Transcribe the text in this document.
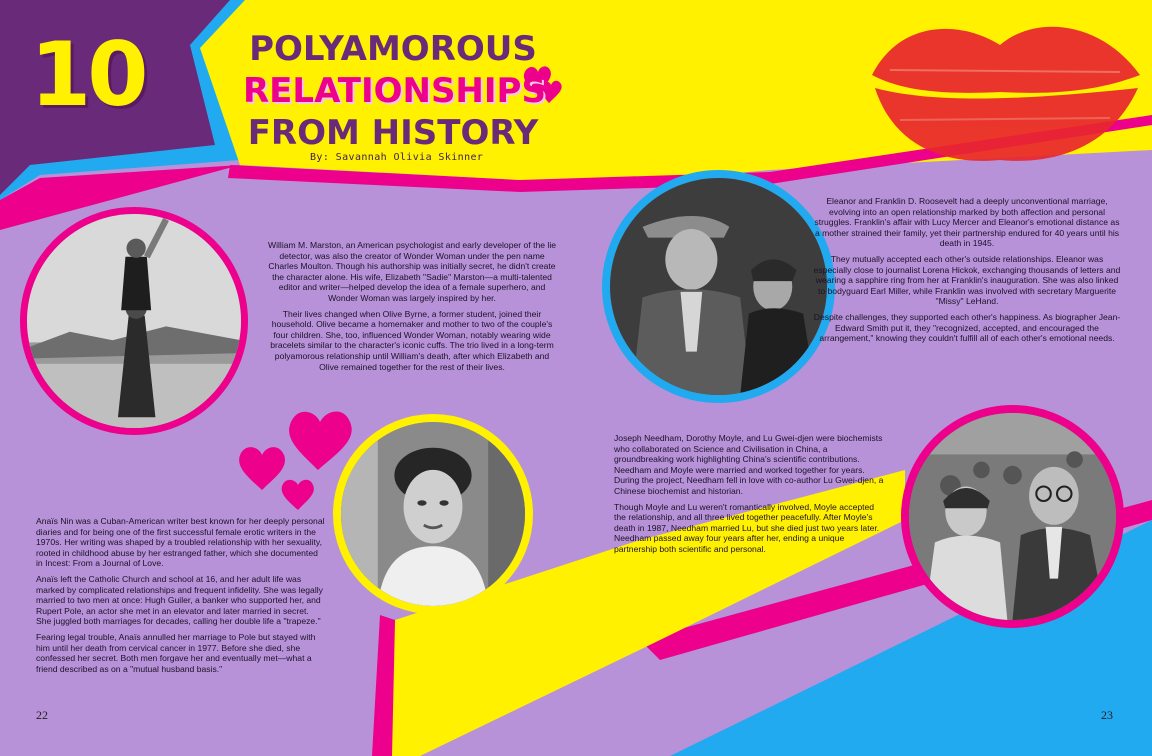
10	POLYAMOROUS
RELATIONSHIPS
FROM HISTORY
By: Savannah Olivia Skinner

William M. Marston, an American psychologist and early developer of the lie detector, was also the creator of Wonder Woman under the pen name Charles Moulton. Though his authorship was initially secret, he didn't create the character alone. His wife, Elizabeth "Sadie" Marston—a multi-talented editor and writer—helped develop the idea of a female superhero, and Wonder Woman was largely inspired by her.

Their lives changed when Olive Byrne, a former student, joined their household. Olive became a homemaker and mother to two of the couple's four children. She, too, influenced Wonder Woman, notably wearing wide bracelets similar to the character's iconic cuffs. The trio lived in a long-term polyamorous relationship until William's death, after which Elizabeth and Olive remained together for the rest of their lives.

Anaïs Nin was a Cuban-American writer best known for her deeply personal diaries and for being one of the first successful female erotic writers in the 1970s. Her writing was shaped by a troubled relationship with her sexuality, rooted in childhood abuse by her estranged father, which she documented in Incest: From a Journal of Love.

Anaïs left the Catholic Church and school at 16, and her adult life was marked by complicated relationships and frequent infidelity. She was legally married to two men at once: Hugh Guiler, a banker who supported her, and Rupert Pole, an actor she met in an elevator and later married in secret. She juggled both marriages for decades, calling her double life a "trapeze."

Fearing legal trouble, Anaïs annulled her marriage to Pole but stayed with him until her death from cervical cancer in 1977. Before she died, she confessed her secret. Both men forgave her and eventually met—what a friend described as on a "mutual husband basis."

Eleanor and Franklin D. Roosevelt had a deeply unconventional marriage, evolving into an open relationship marked by both affection and personal struggles. Franklin's affair with Lucy Mercer and Eleanor's emotional distance as a mother strained their family, yet their partnership endured for 40 years until his death in 1945.

They mutually accepted each other's outside relationships. Eleanor was especially close to journalist Lorena Hickok, exchanging thousands of letters and wearing a sapphire ring from her at Franklin's inauguration. She was also linked to bodyguard Earl Miller, while Franklin was involved with secretary Marguerite "Missy" LeHand.

Despite challenges, they supported each other's happiness. As biographer Jean-Edward Smith put it, they "recognized, accepted, and encouraged the arrangement," knowing they couldn't fulfill all of each other's emotional needs.

Joseph Needham, Dorothy Moyle, and Lu Gwei-djen were biochemists who collaborated on Science and Civilisation in China, a groundbreaking work highlighting China's scientific contributions. Needham and Moyle were married and worked together for years. During the project, Needham fell in love with co-author Lu Gwei-djen, a Chinese biochemist and historian.

Though Moyle and Lu weren't romantically involved, Moyle accepted the relationship, and all three lived together peacefully. After Moyle's death in 1987, Needham married Lu, but she died just two years later. Needham passed away four years after her, ending a unique partnership both scientific and personal.

22	23
